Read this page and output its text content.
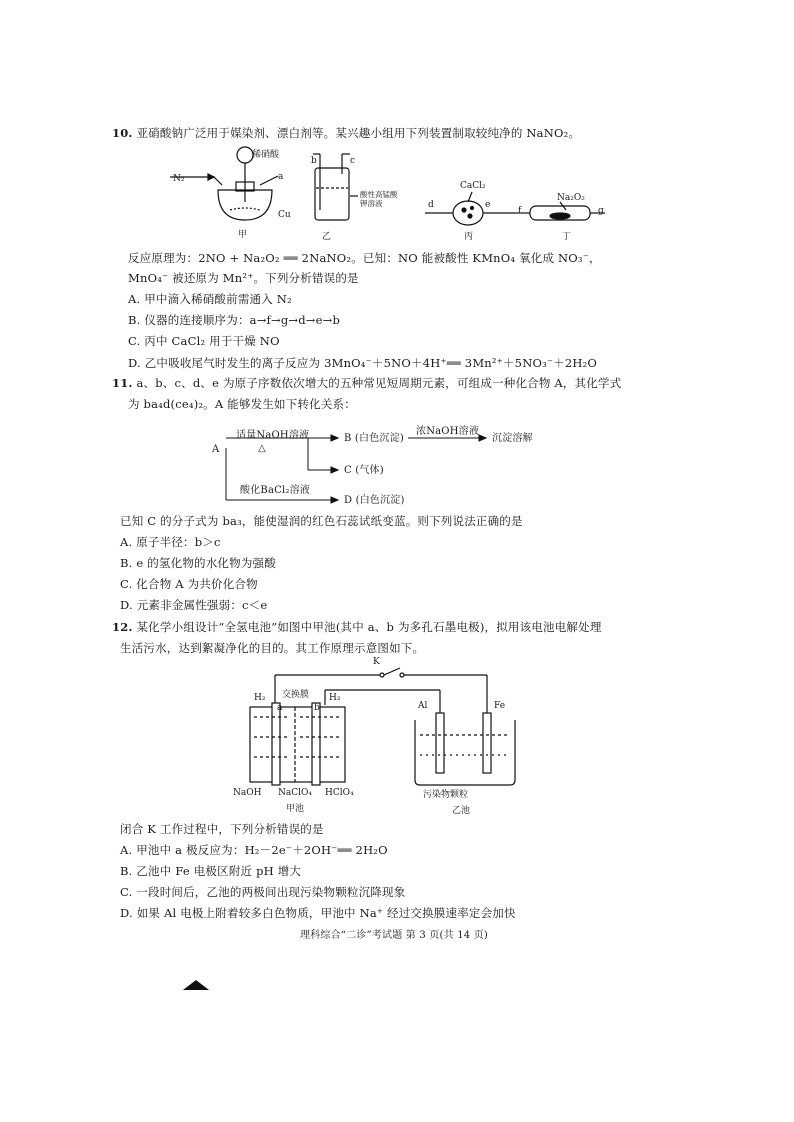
10. 亚硝酸钠广泛用于媒染剂、漂白剂等。某兴趣小组用下列装置制取较纯净的 NaNO₂。
N₂
稀硝酸
a
Cu
甲
b	c
酸性高锰酸钾溶液
乙
CaCl₂
d	e
丙
Na₂O₂
f	g
丁
反应原理为：2NO + Na₂O₂ ══ 2NaNO₂。已知：NO 能被酸性 KMnO₄ 氧化成 NO₃⁻，
MnO₄⁻ 被还原为 Mn²⁺。下列分析错误的是
A. 甲中滴入稀硝酸前需通入 N₂
B. 仪器的连接顺序为：a→f→g→d→e→b
C. 丙中 CaCl₂ 用于干燥 NO
D. 乙中吸收尾气时发生的离子反应为 3MnO₄⁻＋5NO＋4H⁺══ 3Mn²⁺＋5NO₃⁻＋2H₂O
11. a、b、c、d、e 为原子序数依次增大的五种常见短周期元素，可组成一种化合物 A，其化学式
为 ba₄d(ce₄)₂。A 能够发生如下转化关系：
A
适量NaOH溶液
△
B (白色沉淀)
浓NaOH溶液
沉淀溶解
C (气体)
酸化BaCl₂溶液
D (白色沉淀)
已知 C 的分子式为 ba₃，能使湿润的红色石蕊试纸变蓝。则下列说法正确的是
A. 原子半径：b＞c
B. e 的氢化物的水化物为强酸
C. 化合物 A 为共价化合物
D. 元素非金属性强弱：c＜e
12. 某化学小组设计“全氢电池”如图中甲池(其中 a、b 为多孔石墨电极)，拟用该电池电解处理
生活污水，达到絮凝净化的目的。其工作原理示意图如下。
K
H₂ 交换膜 H₂
a	b	Al	Fe
NaOH NaClO₄ HClO₄
甲池
污染物颗粒
乙池
闭合 K 工作过程中，下列分析错误的是
A. 甲池中 a 极反应为：H₂－2e⁻＋2OH⁻══ 2H₂O
B. 乙池中 Fe 电极区附近 pH 增大
C. 一段时间后，乙池的两极间出现污染物颗粒沉降现象
D. 如果 Al 电极上附着较多白色物质，甲池中 Na⁺ 经过交换膜速率定会加快
理科综合“二诊”考试题 第 3 页(共 14 页)
